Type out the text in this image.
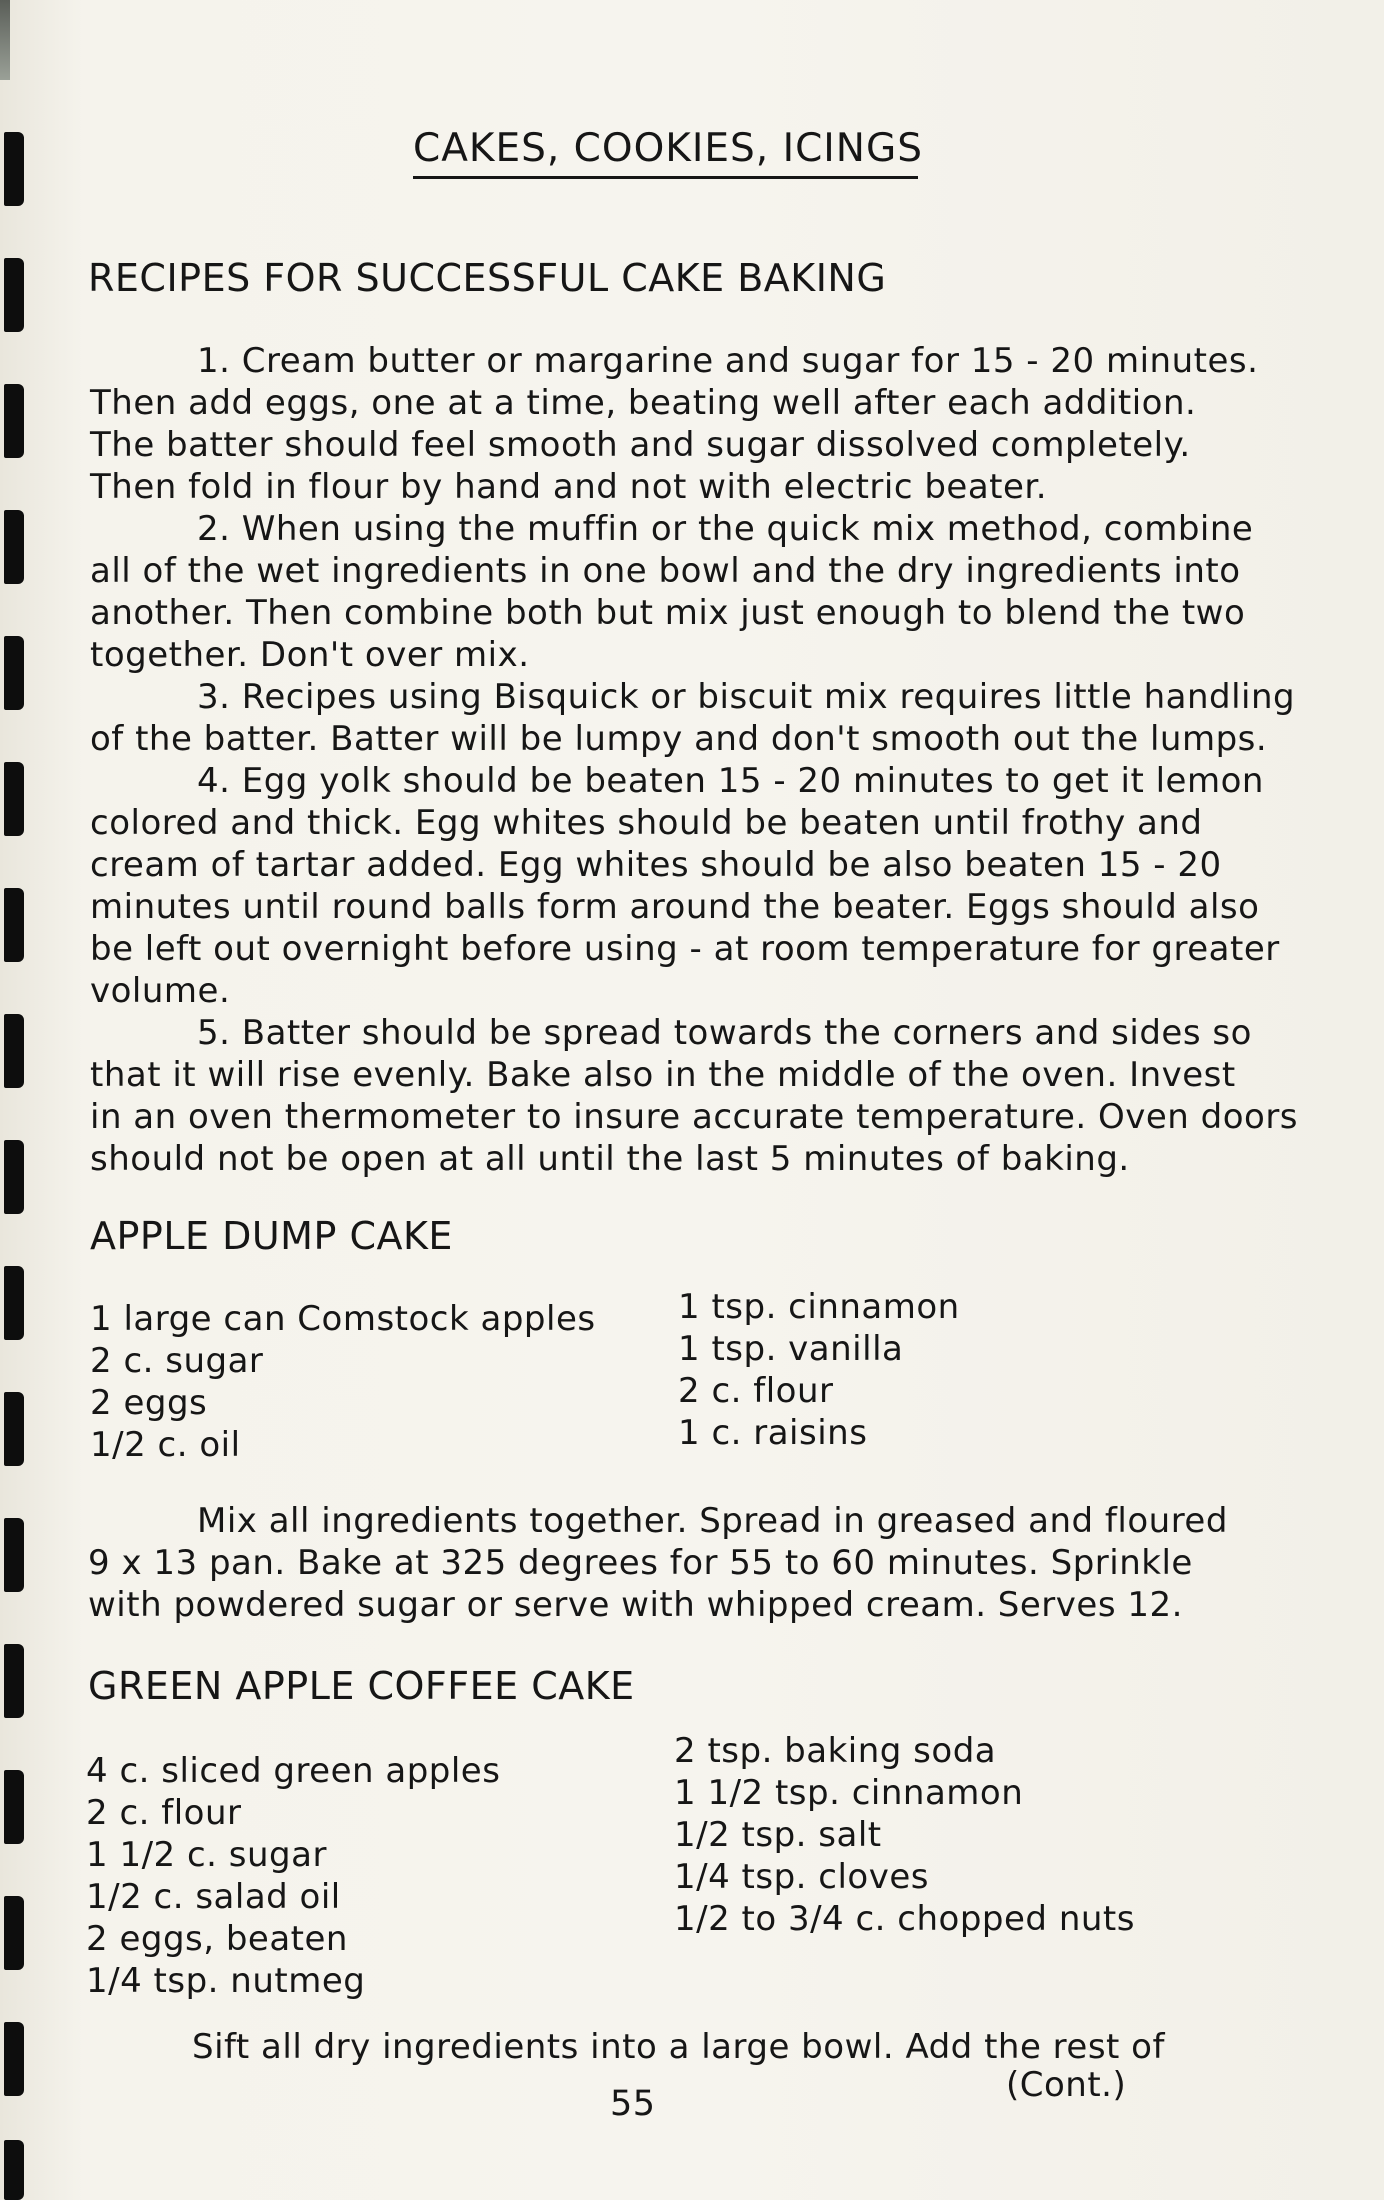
CAKES, COOKIES, ICINGS
RECIPES FOR SUCCESSFUL CAKE BAKING
1. Cream butter or margarine and sugar for 15 - 20 minutes.
Then add eggs, one at a time, beating well after each addition.
The batter should feel smooth and sugar dissolved completely.
Then fold in flour by hand and not with electric beater.
2. When using the muffin or the quick mix method, combine
all of the wet ingredients in one bowl and the dry ingredients into
another. Then combine both but mix just enough to blend the two
together. Don't over mix.
3. Recipes using Bisquick or biscuit mix requires little handling
of the batter. Batter will be lumpy and don't smooth out the lumps.
4. Egg yolk should be beaten 15 - 20 minutes to get it lemon
colored and thick. Egg whites should be beaten until frothy and
cream of tartar added. Egg whites should be also beaten 15 - 20
minutes until round balls form around the beater. Eggs should also
be left out overnight before using - at room temperature for greater
volume.
5. Batter should be spread towards the corners and sides so
that it will rise evenly. Bake also in the middle of the oven. Invest
in an oven thermometer to insure accurate temperature. Oven doors
should not be open at all until the last 5 minutes of baking.
APPLE DUMP CAKE
1 large can Comstock apples
2 c. sugar
2 eggs
1/2 c. oil
1 tsp. cinnamon
1 tsp. vanilla
2 c. flour
1 c. raisins
Mix all ingredients together. Spread in greased and floured
9 x 13 pan. Bake at 325 degrees for 55 to 60 minutes. Sprinkle
with powdered sugar or serve with whipped cream. Serves 12.
GREEN APPLE COFFEE CAKE
4 c. sliced green apples
2 c. flour
1 1/2 c. sugar
1/2 c. salad oil
2 eggs, beaten
1/4 tsp. nutmeg
2 tsp. baking soda
1 1/2 tsp. cinnamon
1/2 tsp. salt
1/4 tsp. cloves
1/2 to 3/4 c. chopped nuts
Sift all dry ingredients into a large bowl. Add the rest of
(Cont.)
55
